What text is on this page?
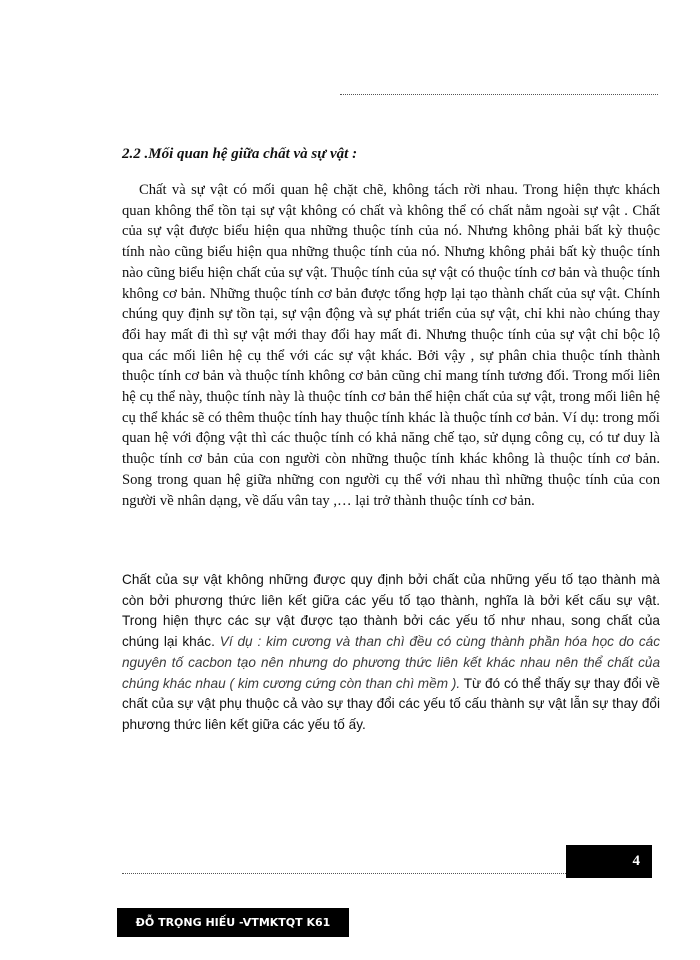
2.2 .Mối quan hệ giữa chất và sự vật :

Chất và sự vật có mối quan hệ chặt chẽ, không tách rời nhau. Trong hiện thực khách quan không thể tồn tại sự vật không có chất và không thể có chất nằm ngoài sự vật . Chất của sự vật được biểu hiện qua những thuộc tính của nó. Nhưng không phải bất kỳ thuộc tính nào cũng biểu hiện qua những thuộc tính của nó. Nhưng không phải bất kỳ thuộc tính nào cũng biểu hiện chất của sự vật. Thuộc tính của sự vật có thuộc tính cơ bản và thuộc tính không cơ bản. Những thuộc tính cơ bản được tổng hợp lại tạo thành chất của sự vật. Chính chúng quy định sự tồn tại, sự vận động và sự phát triển của sự vật, chỉ khi nào chúng thay đổi hay mất đi thì sự vật mới thay đổi hay mất đi. Nhưng thuộc tính của sự vật chỉ bộc lộ qua các mối liên hệ cụ thể với các sự vật khác. Bởi vậy , sự phân chia thuộc tính thành thuộc tính cơ bản và thuộc tính không cơ bản cũng chỉ mang tính tương đối. Trong mối liên hệ cụ thể này, thuộc tính này là thuộc tính cơ bản thể hiện chất của sự vật, trong mối liên hệ cụ thể khác sẽ có thêm thuộc tính hay thuộc tính khác là thuộc tính cơ bản. Ví dụ: trong mối quan hệ với động vật thì các thuộc tính có khả năng chế tạo, sử dụng công cụ, có tư duy là thuộc tính cơ bản của con người còn những thuộc tính khác không là thuộc tính cơ bản. Song trong quan hệ giữa những con người cụ thể với nhau thì những thuộc tính của con người về nhân dạng, về dấu vân tay ,… lại trở thành thuộc tính cơ bản.

Chất của sự vật không những được quy định bởi chất của những yếu tố tạo thành mà còn bởi phương thức liên kết giữa các yếu tố tạo thành, nghĩa là bởi kết cấu sự vật. Trong hiện thực các sự vật được tạo thành bởi các yếu tố như nhau, song chất của chúng lại khác. Ví dụ : kim cương và than chì đều có cùng thành phần hóa học do các nguyên tố cacbon tạo nên nhưng do phương thức liên kết khác nhau nên thể chất của chúng khác nhau ( kim cương cứng còn than chì mềm ). Từ đó có thể thấy sự thay đổi về chất của sự vật phụ thuộc cả vào sự thay đổi các yếu tố cấu thành sự vật lẫn sự thay đổi phương thức liên kết giữa các yếu tố ấy.

4
ĐỖ TRỌNG HIẾU -VTMKTQT K61
